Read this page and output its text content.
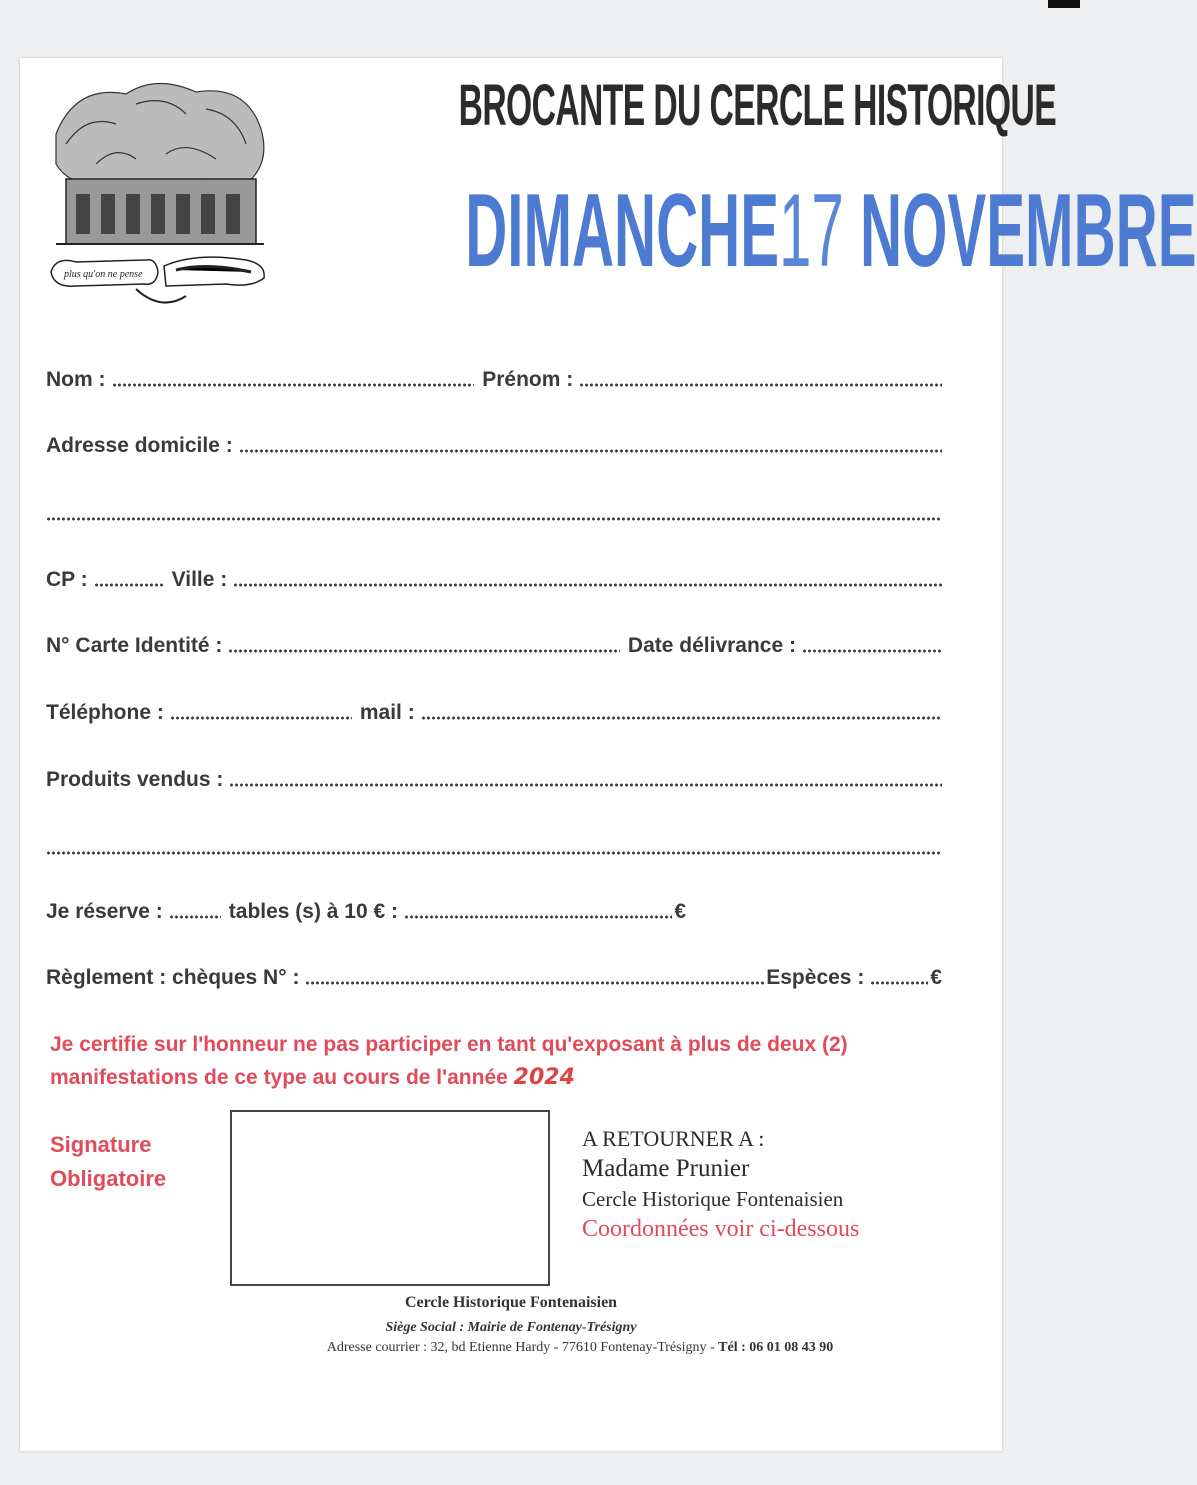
plus qu'on ne pense
BROCANTE DU CERCLE HISTORIQUE
DIMANCHE17 NOVEMBRE
Nom :	Prénom :
Adresse domicile :
CP :	Ville :
N° Carte Identité :	Date délivrance :
Téléphone :	mail :
Produits vendus :
Je réserve :	tables (s) à 10 € :	€
Règlement : chèques N° :	Espèces :	€
Je certifie sur l'honneur ne pas participer en tant qu'exposant à plus de deux (2) manifestations de ce type au cours de l'année 2024
Signature
Obligatoire
A RETOURNER A :
Madame Prunier
Cercle Historique Fontenaisien
Coordonnées voir ci-dessous
Cercle Historique Fontenaisien
Siège Social : Mairie de Fontenay-Trésigny
Adresse courrier : 32, bd Etienne Hardy - 77610 Fontenay-Trésigny - Tél : 06 01 08 43 90
